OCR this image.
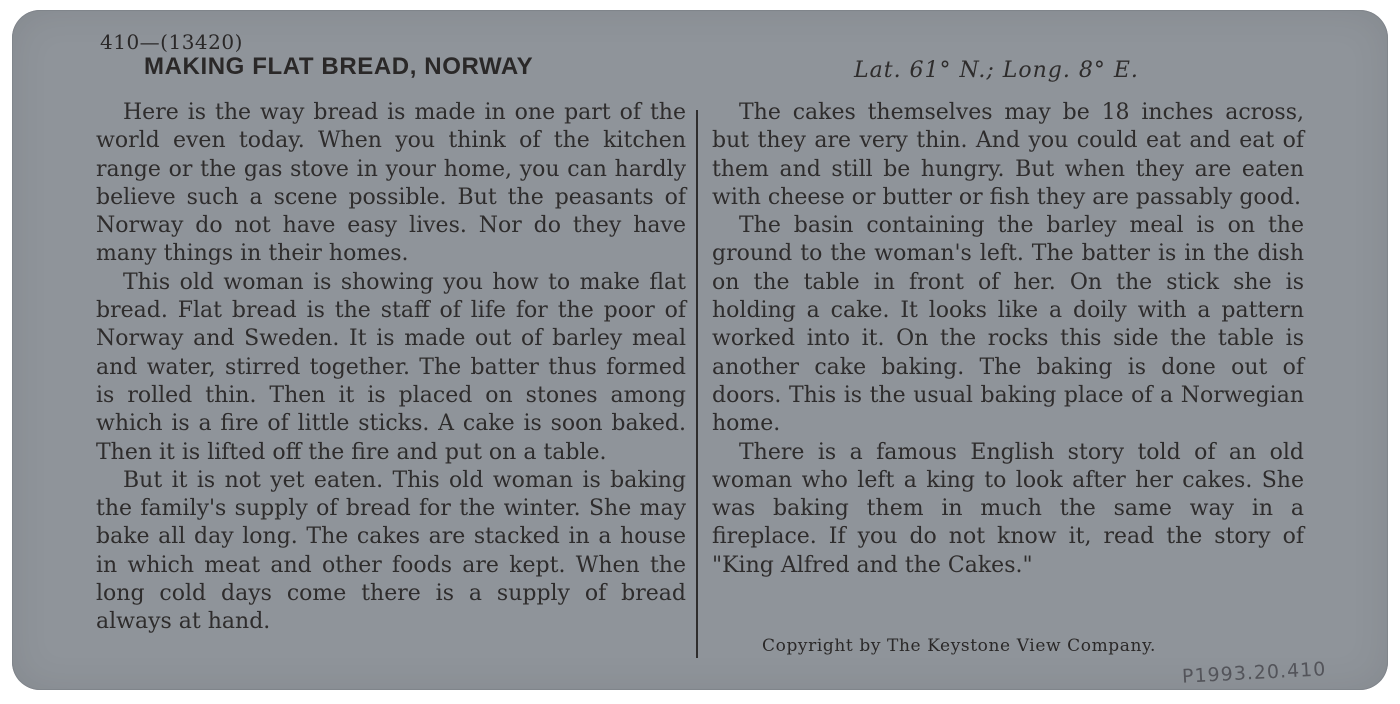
410—(13420)
MAKING FLAT BREAD, NORWAY	Lat. 61° N.; Long. 8° E.

Here is the way bread is made in one part of the world even today. When you think of the kitchen range or the gas stove in your home, you can hardly believe such a scene possible. But the peasants of Norway do not have easy lives. Nor do they have many things in their homes.

This old woman is showing you how to make flat bread. Flat bread is the staff of life for the poor of Norway and Sweden. It is made out of barley meal and water, stirred together. The batter thus formed is rolled thin. Then it is placed on stones among which is a fire of little sticks. A cake is soon baked. Then it is lifted off the fire and put on a table.

But it is not yet eaten. This old woman is baking the family's supply of bread for the winter. She may bake all day long. The cakes are stacked in a house in which meat and other foods are kept. When the long cold days come there is a supply of bread always at hand.

The cakes themselves may be 18 inches across, but they are very thin. And you could eat and eat of them and still be hungry. But when they are eaten with cheese or butter or fish they are passably good.

The basin containing the barley meal is on the ground to the woman's left. The batter is in the dish on the table in front of her. On the stick she is holding a cake. It looks like a doily with a pattern worked into it. On the rocks this side the table is another cake baking. The baking is done out of doors. This is the usual baking place of a Norwegian home.

There is a famous English story told of an old woman who left a king to look after her cakes. She was baking them in much the same way in a fireplace. If you do not know it, read the story of "King Alfred and the Cakes."

Copyright by The Keystone View Company.
P1993.20.410
